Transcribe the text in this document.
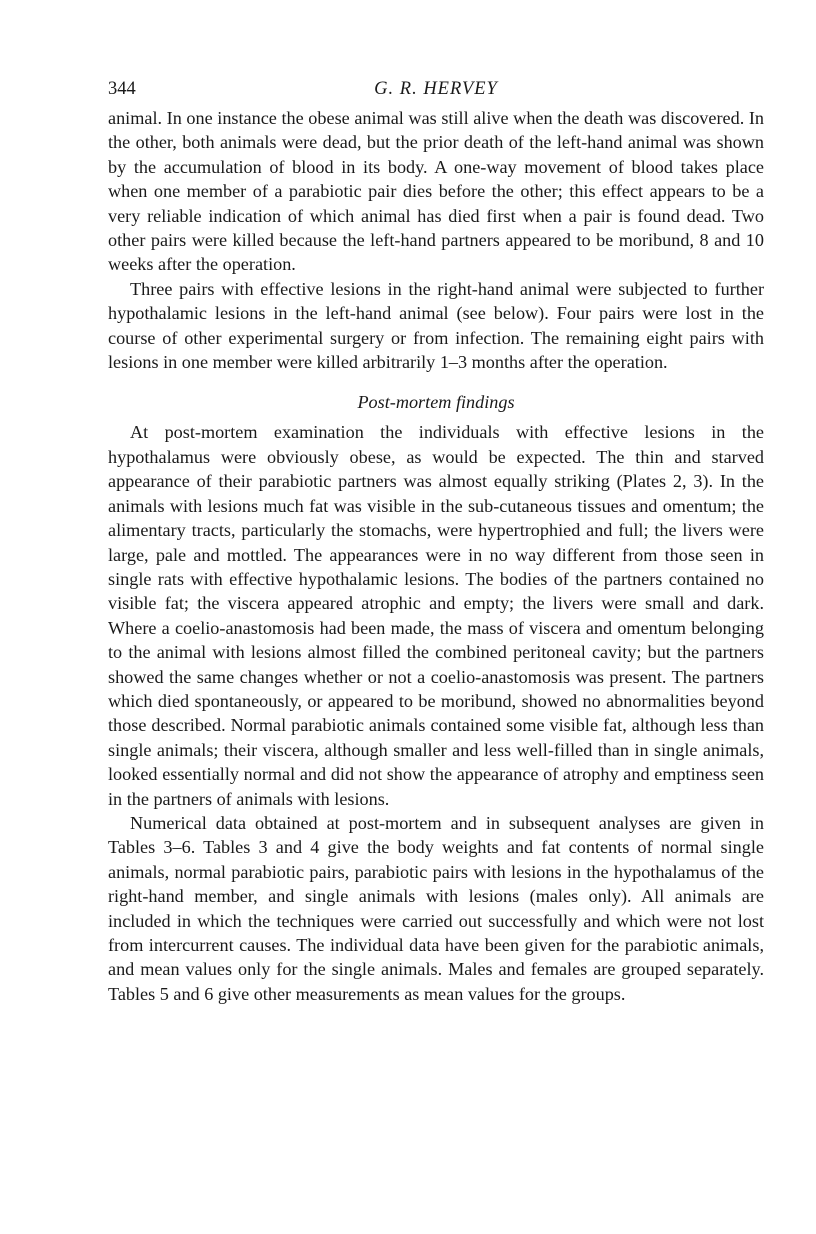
344	G. R. HERVEY

animal. In one instance the obese animal was still alive when the death was discovered. In the other, both animals were dead, but the prior death of the left-hand animal was shown by the accumulation of blood in its body. A one-way movement of blood takes place when one member of a parabiotic pair dies before the other; this effect appears to be a very reliable indication of which animal has died first when a pair is found dead. Two other pairs were killed because the left-hand partners appeared to be moribund, 8 and 10 weeks after the operation.

Three pairs with effective lesions in the right-hand animal were subjected to further hypothalamic lesions in the left-hand animal (see below). Four pairs were lost in the course of other experimental surgery or from infection. The remaining eight pairs with lesions in one member were killed arbitrarily 1–3 months after the operation.

Post-mortem findings

At post-mortem examination the individuals with effective lesions in the hypothalamus were obviously obese, as would be expected. The thin and starved appearance of their parabiotic partners was almost equally striking (Plates 2, 3). In the animals with lesions much fat was visible in the sub-cutaneous tissues and omentum; the alimentary tracts, particularly the stomachs, were hypertrophied and full; the livers were large, pale and mottled. The appearances were in no way different from those seen in single rats with effective hypothalamic lesions. The bodies of the partners contained no visible fat; the viscera appeared atrophic and empty; the livers were small and dark. Where a coelio-anastomosis had been made, the mass of viscera and omentum belonging to the animal with lesions almost filled the combined peritoneal cavity; but the partners showed the same changes whether or not a coelio-anastomosis was present. The partners which died spontaneously, or appeared to be moribund, showed no abnormalities beyond those described. Normal parabiotic animals contained some visible fat, although less than single animals; their viscera, although smaller and less well-filled than in single animals, looked essentially normal and did not show the appearance of atrophy and emptiness seen in the partners of animals with lesions.

Numerical data obtained at post-mortem and in subsequent analyses are given in Tables 3–6. Tables 3 and 4 give the body weights and fat contents of normal single animals, normal parabiotic pairs, parabiotic pairs with lesions in the hypothalamus of the right-hand member, and single animals with lesions (males only). All animals are included in which the techniques were carried out successfully and which were not lost from intercurrent causes. The individual data have been given for the parabiotic animals, and mean values only for the single animals. Males and females are grouped separately. Tables 5 and 6 give other measurements as mean values for the groups.
